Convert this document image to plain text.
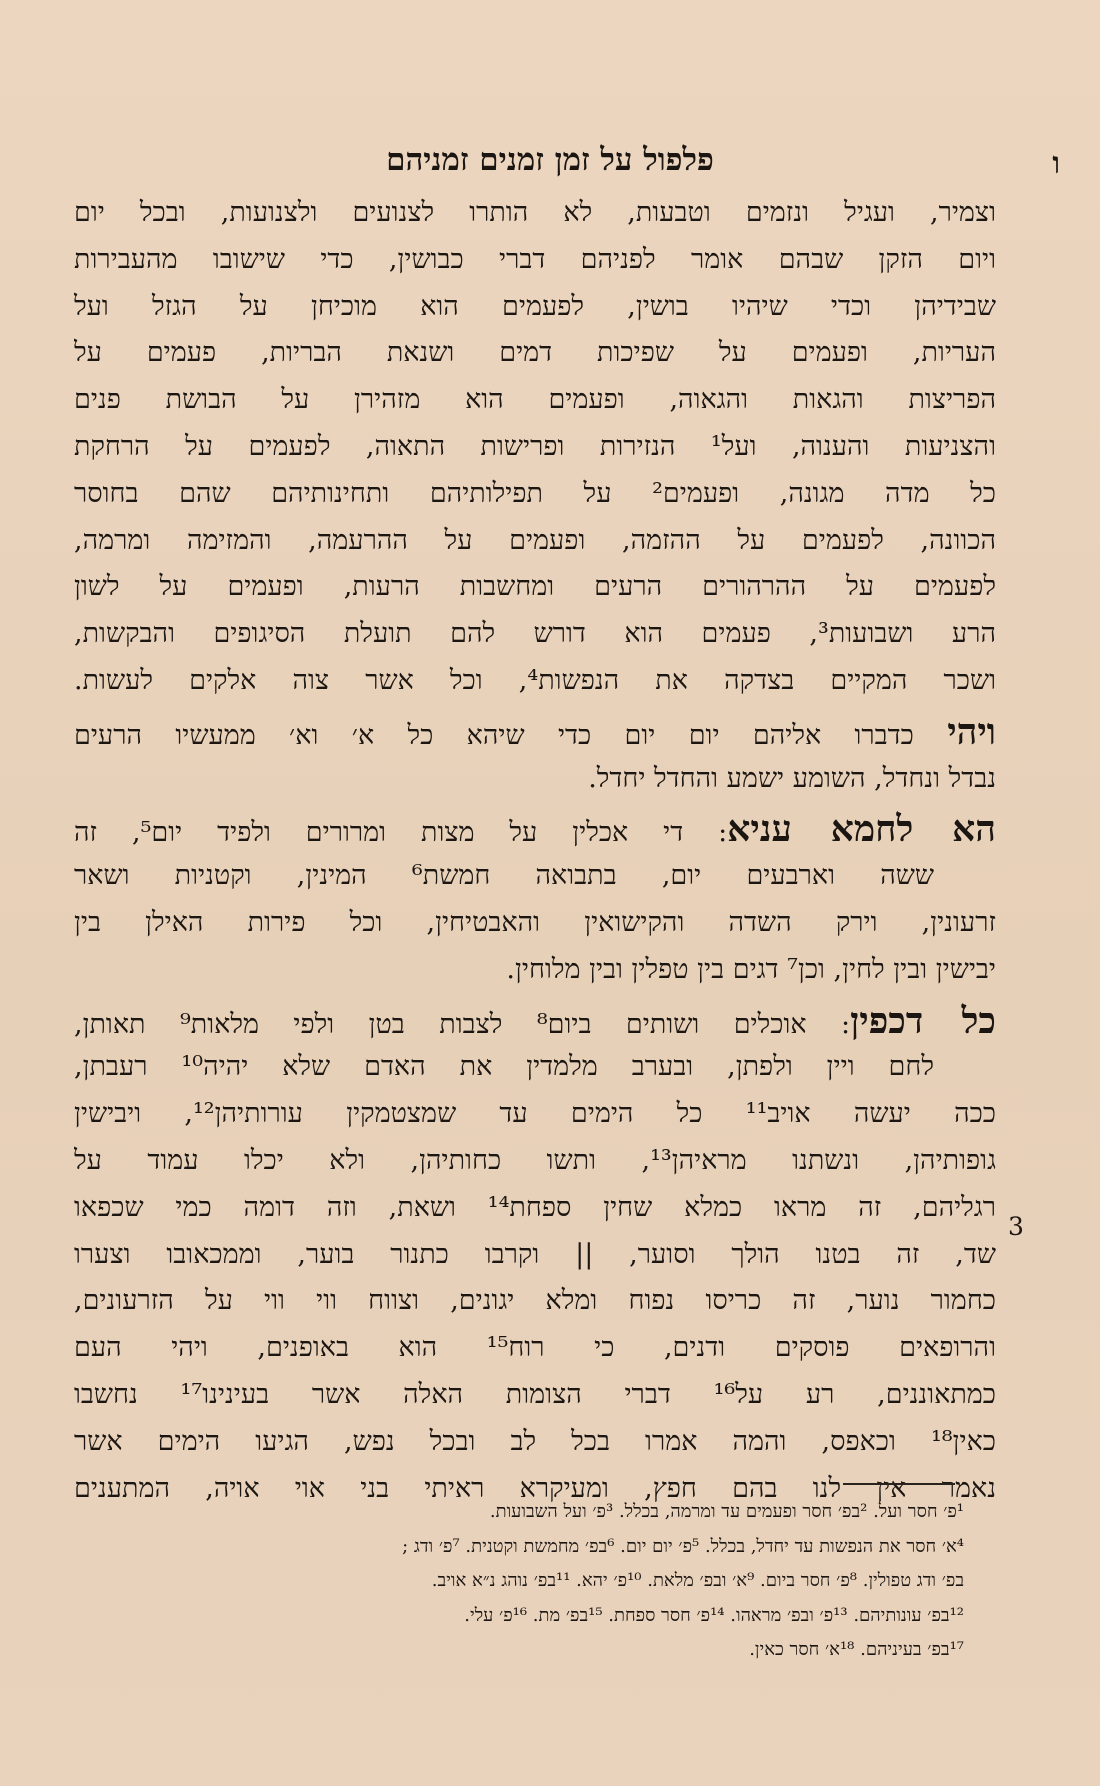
ו
פלפול על זמן זמנים זמניהם
וצמיר, ועגיל ונזמים וטבעות, לא הותרו לצנועים ולצנועות, ובכל יום
ויום הזקן שבהם אומר לפניהם דברי כבושין, כדי שישובו מהעבירות
שבידיהן וכדי שיהיו בושין, לפעמים הוא מוכיחן על הגזל ועל
העריות, ופעמים על שפיכות דמים ושנאת הבריות, פעמים על
הפריצות והגאות והגאוה, ופעמים הוא מזהירן על הבושת פנים
והצניעות והענוה, ועל¹ הנזירות ופרישות התאוה, לפעמים על הרחקת
כל מדה מגונה, ופעמים² על תפילותיהם ותחינותיהם שהם בחוסר
הכוונה, לפעמים על ההזמה, ופעמים על ההרעמה, והמזימה ומרמה,
לפעמים על ההרהורים הרעים ומחשבות הרעות, ופעמים על לשון
הרע ושבועות³, פעמים הוא דורש להם תועלת הסיגופים והבקשות,
ושכר המקיים בצדקה את הנפשות⁴, וכל אשר צוה אלקים לעשות.
ויהי כדברו אליהם יום יום כדי שיהא כל א׳ וא׳ ממעשיו הרעים
נבדל ונחדל, השומע ישמע והחדל יחדל.
הא לחמא עניא: די אכלין על מצות ומרורים ולפיד יום⁵, זה
ששה וארבעים יום, בתבואה חמשת⁶ המינין, וקטניות ושאר
זרעונין, וירק השדה והקישואין והאבטיחין, וכל פירות האילן בין
יבישין ובין לחין, וכן⁷ דגים בין טפלין ובין מלוחין.
כל דכפין: אוכלים ושותים ביום⁸ לצבות בטן ולפי מלאות⁹ תאותן,
לחם ויין ולפתן, ובערב מלמדין את האדם שלא יהיה¹⁰ רעבתן,
ככה יעשה אויב¹¹ כל הימים עד שמצטמקין עורותיהן¹², ויבישין
גופותיהן, ונשתנו מראיהן¹³, ותשו כחותיהן, ולא יכלו עמוד על
רגליהם, זה מראו כמלא שחין ספחת¹⁴ ושאת, וזה דומה כמי שכפאו
שד, זה בטנו הולך וסוער, || וקרבו כתנור בוער, וממכאובו וצערו
כחמור נוער, זה כריסו נפוח ומלא יגונים, וצווח ווי ווי על הזרעונים,
והרופאים פוסקים ודנים, כי רוח¹⁵ הוא באופנים, ויהי העם
כמתאוננים, רע על¹⁶ דברי הצומות האלה אשר בעינינו¹⁷ נחשבו
כאין¹⁸ וכאפס, והמה אמרו בכל לב ובכל נפש, הגיעו הימים אשר
נאמר אין לנו בהם חפץ, ומעיקרא ראיתי בני אוי אויה, המתענים
3
¹פ׳ חסר ועל. ²בפ׳ חסר ופעמים עד ומרמה, בכלל. ³פ׳ ועל השבועות.
⁴א׳ חסר את הנפשות עד יחדל, בכלל. ⁵פ׳ יום יום. ⁶בפ׳ מחמשת וקטנית. ⁷פ׳ ודג ;
בפ׳ ודג טפולין. ⁸פ׳ חסר ביום. ⁹א׳ ובפ׳ מלאת. ¹⁰פ׳ יהא. ¹¹בפ׳ נוהג נ״א אויב.
¹²בפ׳ עונותיהם. ¹³פ׳ ובפ׳ מראהו. ¹⁴פ׳ חסר ספחת. ¹⁵בפ׳ מת. ¹⁶פ׳ עלי.
¹⁷בפ׳ בעיניהם. ¹⁸א׳ חסר כאין.
